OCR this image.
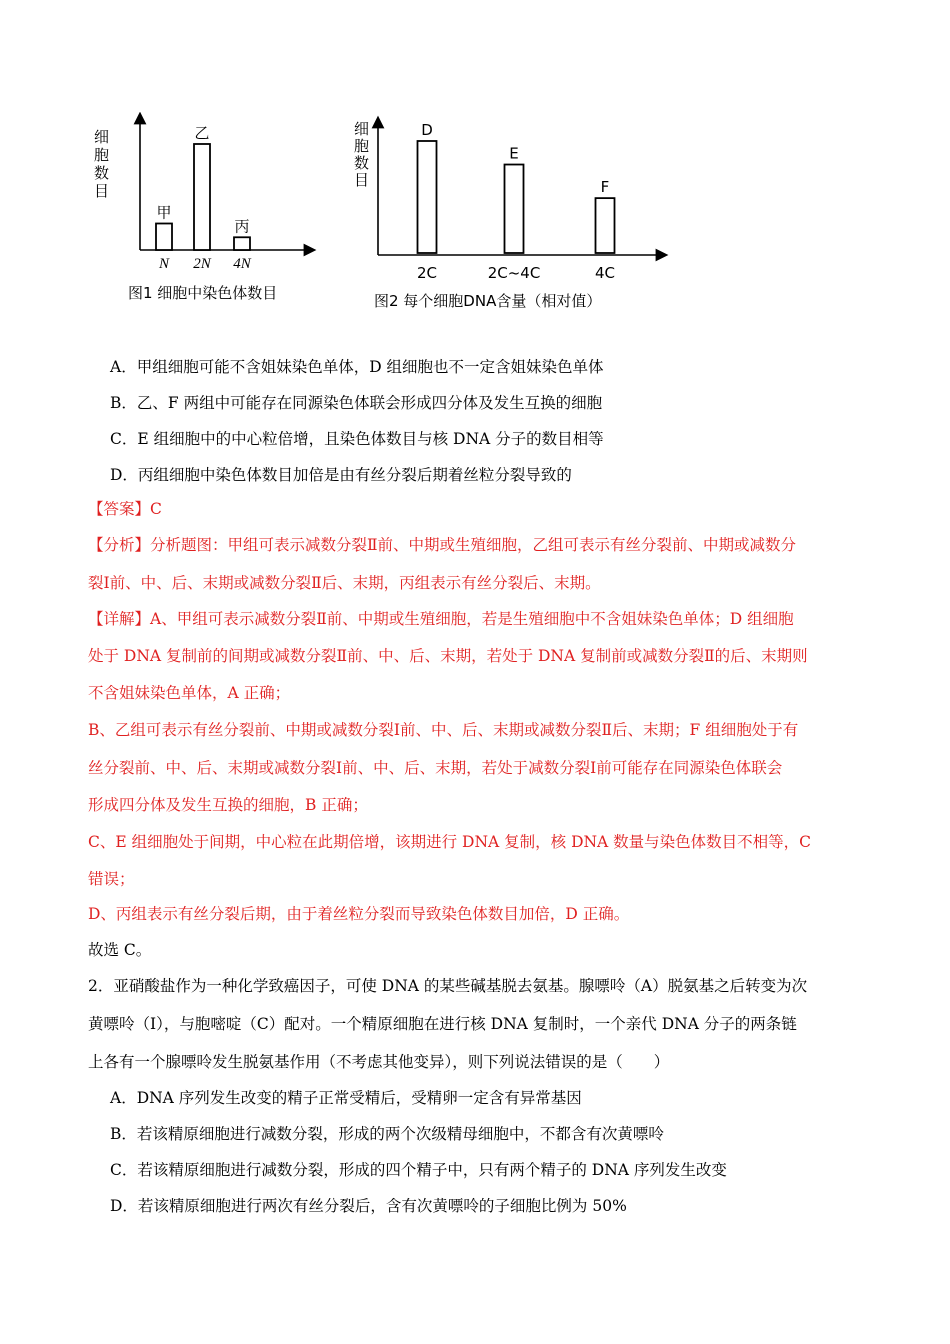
细胞数目
甲
N
乙
2N
丙
4N
图1 细胞中染色体数目
细胞数目
D
2C
E
2C~4C
F
4C
图2 每个细胞DNA含量（相对值）
A．甲组细胞可能不含姐妹染色单体，D 组细胞也不一定含姐妹染色单体
B．乙、F 两组中可能存在同源染色体联会形成四分体及发生互换的细胞
C．E 组细胞中的中心粒倍增，且染色体数目与核 DNA 分子的数目相等
D．丙组细胞中染色体数目加倍是由有丝分裂后期着丝粒分裂导致的
【答案】C
【分析】分析题图：甲组可表示减数分裂Ⅱ前、中期或生殖细胞，乙组可表示有丝分裂前、中期或减数分
裂Ⅰ前、中、后、末期或减数分裂Ⅱ后、末期，丙组表示有丝分裂后、末期。
【详解】A、甲组可表示减数分裂Ⅱ前、中期或生殖细胞，若是生殖细胞中不含姐妹染色单体；D 组细胞
处于 DNA 复制前的间期或减数分裂Ⅱ前、中、后、末期，若处于 DNA 复制前或减数分裂Ⅱ的后、末期则
不含姐妹染色单体，A 正确；
B、乙组可表示有丝分裂前、中期或减数分裂Ⅰ前、中、后、末期或减数分裂Ⅱ后、末期；F 组细胞处于有
丝分裂前、中、后、末期或减数分裂Ⅰ前、中、后、末期，若处于减数分裂Ⅰ前可能存在同源染色体联会
形成四分体及发生互换的细胞，B 正确；
C、E 组细胞处于间期，中心粒在此期倍增，该期进行 DNA 复制，核 DNA 数量与染色体数目不相等，C
错误；
D、丙组表示有丝分裂后期，由于着丝粒分裂而导致染色体数目加倍，D 正确。
故选 C。
2．亚硝酸盐作为一种化学致癌因子，可使 DNA 的某些碱基脱去氨基。腺嘌呤（A）脱氨基之后转变为次
黄嘌呤（Ⅰ），与胞嘧啶（C）配对。一个精原细胞在进行核 DNA 复制时，一个亲代 DNA 分子的两条链
上各有一个腺嘌呤发生脱氨基作用（不考虑其他变异），则下列说法错误的是（　　）
A．DNA 序列发生改变的精子正常受精后，受精卵一定含有异常基因
B．若该精原细胞进行减数分裂，形成的两个次级精母细胞中，不都含有次黄嘌呤
C．若该精原细胞进行减数分裂，形成的四个精子中，只有两个精子的 DNA 序列发生改变
D．若该精原细胞进行两次有丝分裂后，含有次黄嘌呤的子细胞比例为 50%
